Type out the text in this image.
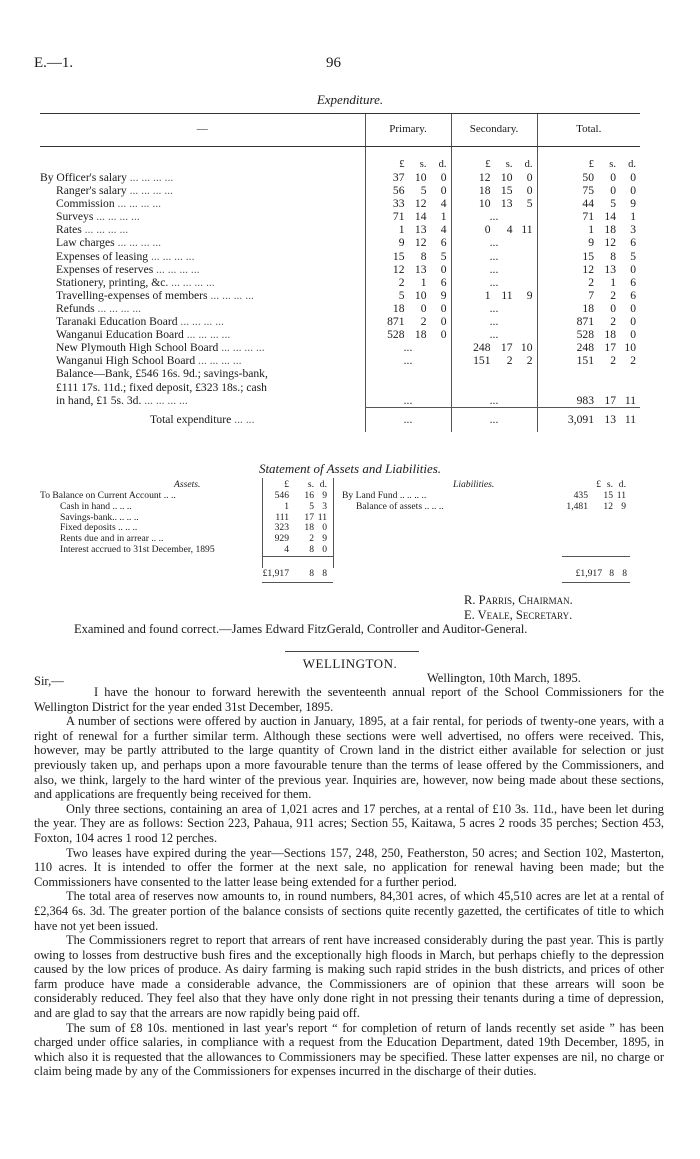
E.—1.	96
Expenditure.
—	Primary.	Secondary.	Total.

	£ s. d.	£ s. d.	£ s. d.

By Officer's salary ... ... ... ...	37 10 0	12 10 0	50 0 0

Ranger's salary ... ... ... ...	56 5 0	18 15 0	75 0 0

Commission ... ... ... ...	33 12 4	10 13 5	44 5 9

Surveys ... ... ... ...	71 14 1	...	71 14 1

Rates ... ... ... ...	1 13 4	0 4 11	1 18 3

Law charges ... ... ... ...	9 12 6	...	9 12 6

Expenses of leasing ... ... ... ...	15 8 5	...	15 8 5

Expenses of reserves ... ... ... ...	12 13 0	...	12 13 0

Stationery, printing, &c. ... ... ... ...	2 1 6	...	2 1 6

Travelling-expenses of members ... ... ... ...	5 10 9	1 11 9	7 2 6

Refunds ... ... ... ...	18 0 0	...	18 0 0

Taranaki Education Board ... ... ... ...	871 2 0	...	871 2 0

Wanganui Education Board ... ... ... ...	528 18 0	...	528 18 0

New Plymouth High School Board ... ... ... ...	...	248 17 10	248 17 10

Wanganui High School Board ... ... ... ...	...	151 2 2	151 2 2

Balance—Bank, £546 16s. 9d.; savings-bank,			
£111 17s. 11d.; fixed deposit, £323 18s.; cash			
in hand, £1 5s. 3d. ... ... ... ...	...	...	983 17 11

Total expenditure ... ...	...	...	3,091 13 11
Statement of Assets and Liabilities.
Assets.	Liabilities.
£ s. d.	£ s. d.
To Balance on Current Account .. ..	546 16 9
Cash in hand .. .. ..	1 5 3
Savings-bank.. .. .. ..	111 17 11
Fixed deposits .. .. ..	323 18 0
Rents due and in arrear .. ..	929 2 9
Interest accrued to 31st December, 1895	4 8 0
By Land Fund .. .. .. ..	435 15 11
Balance of assets .. .. ..	1,481 12 9
£1,917 8 8	£1,917 8 8
R. Parris, Chairman.
E. Veale, Secretary.
Examined and found correct.—James Edward FitzGerald, Controller and Auditor-General.
WELLINGTON.
Sir,—	Wellington, 10th March, 1895.

I have the honour to forward herewith the seventeenth annual report of the School Commissioners for the Wellington District for the year ended 31st December, 1895.

A number of sections were offered by auction in January, 1895, at a fair rental, for periods of twenty-one years, with a right of renewal for a further similar term. Although these sections were well advertised, no offers were received. This, however, may be partly attributed to the large quantity of Crown land in the district either available for selection or just previously taken up, and perhaps upon a more favourable tenure than the terms of lease offered by the Commissioners, and also, we think, largely to the hard winter of the previous year. Inquiries are, however, now being made about these sections, and applications are frequently being received for them.

Only three sections, containing an area of 1,021 acres and 17 perches, at a rental of £10 3s. 11d., have been let during the year. They are as follows: Section 223, Pahaua, 911 acres; Section 55, Kaitawa, 5 acres 2 roods 35 perches; Section 453, Foxton, 104 acres 1 rood 12 perches.

Two leases have expired during the year—Sections 157, 248, 250, Featherston, 50 acres; and Section 102, Masterton, 110 acres. It is intended to offer the former at the next sale, no application for renewal having been made; but the Commissioners have consented to the latter lease being extended for a further period.

The total area of reserves now amounts to, in round numbers, 84,301 acres, of which 45,510 acres are let at a rental of £2,364 6s. 3d. The greater portion of the balance consists of sections quite recently gazetted, the certificates of title to which have not yet been issued.

The Commissioners regret to report that arrears of rent have increased considerably during the past year. This is partly owing to losses from destructive bush fires and the exceptionally high floods in March, but perhaps chiefly to the depression caused by the low prices of produce. As dairy farming is making such rapid strides in the bush districts, and prices of other farm produce have made a considerable advance, the Commissioners are of opinion that these arrears will soon be considerably reduced. They feel also that they have only done right in not pressing their tenants during a time of depression, and are glad to say that the arrears are now rapidly being paid off.

The sum of £8 10s. mentioned in last year's report “ for completion of return of lands recently set aside ” has been charged under office salaries, in compliance with a request from the Education Department, dated 19th December, 1895, in which also it is requested that the allowances to Commissioners may be specified. These latter expenses are nil, no charge or claim being made by any of the Commissioners for expenses incurred in the discharge of their duties.
